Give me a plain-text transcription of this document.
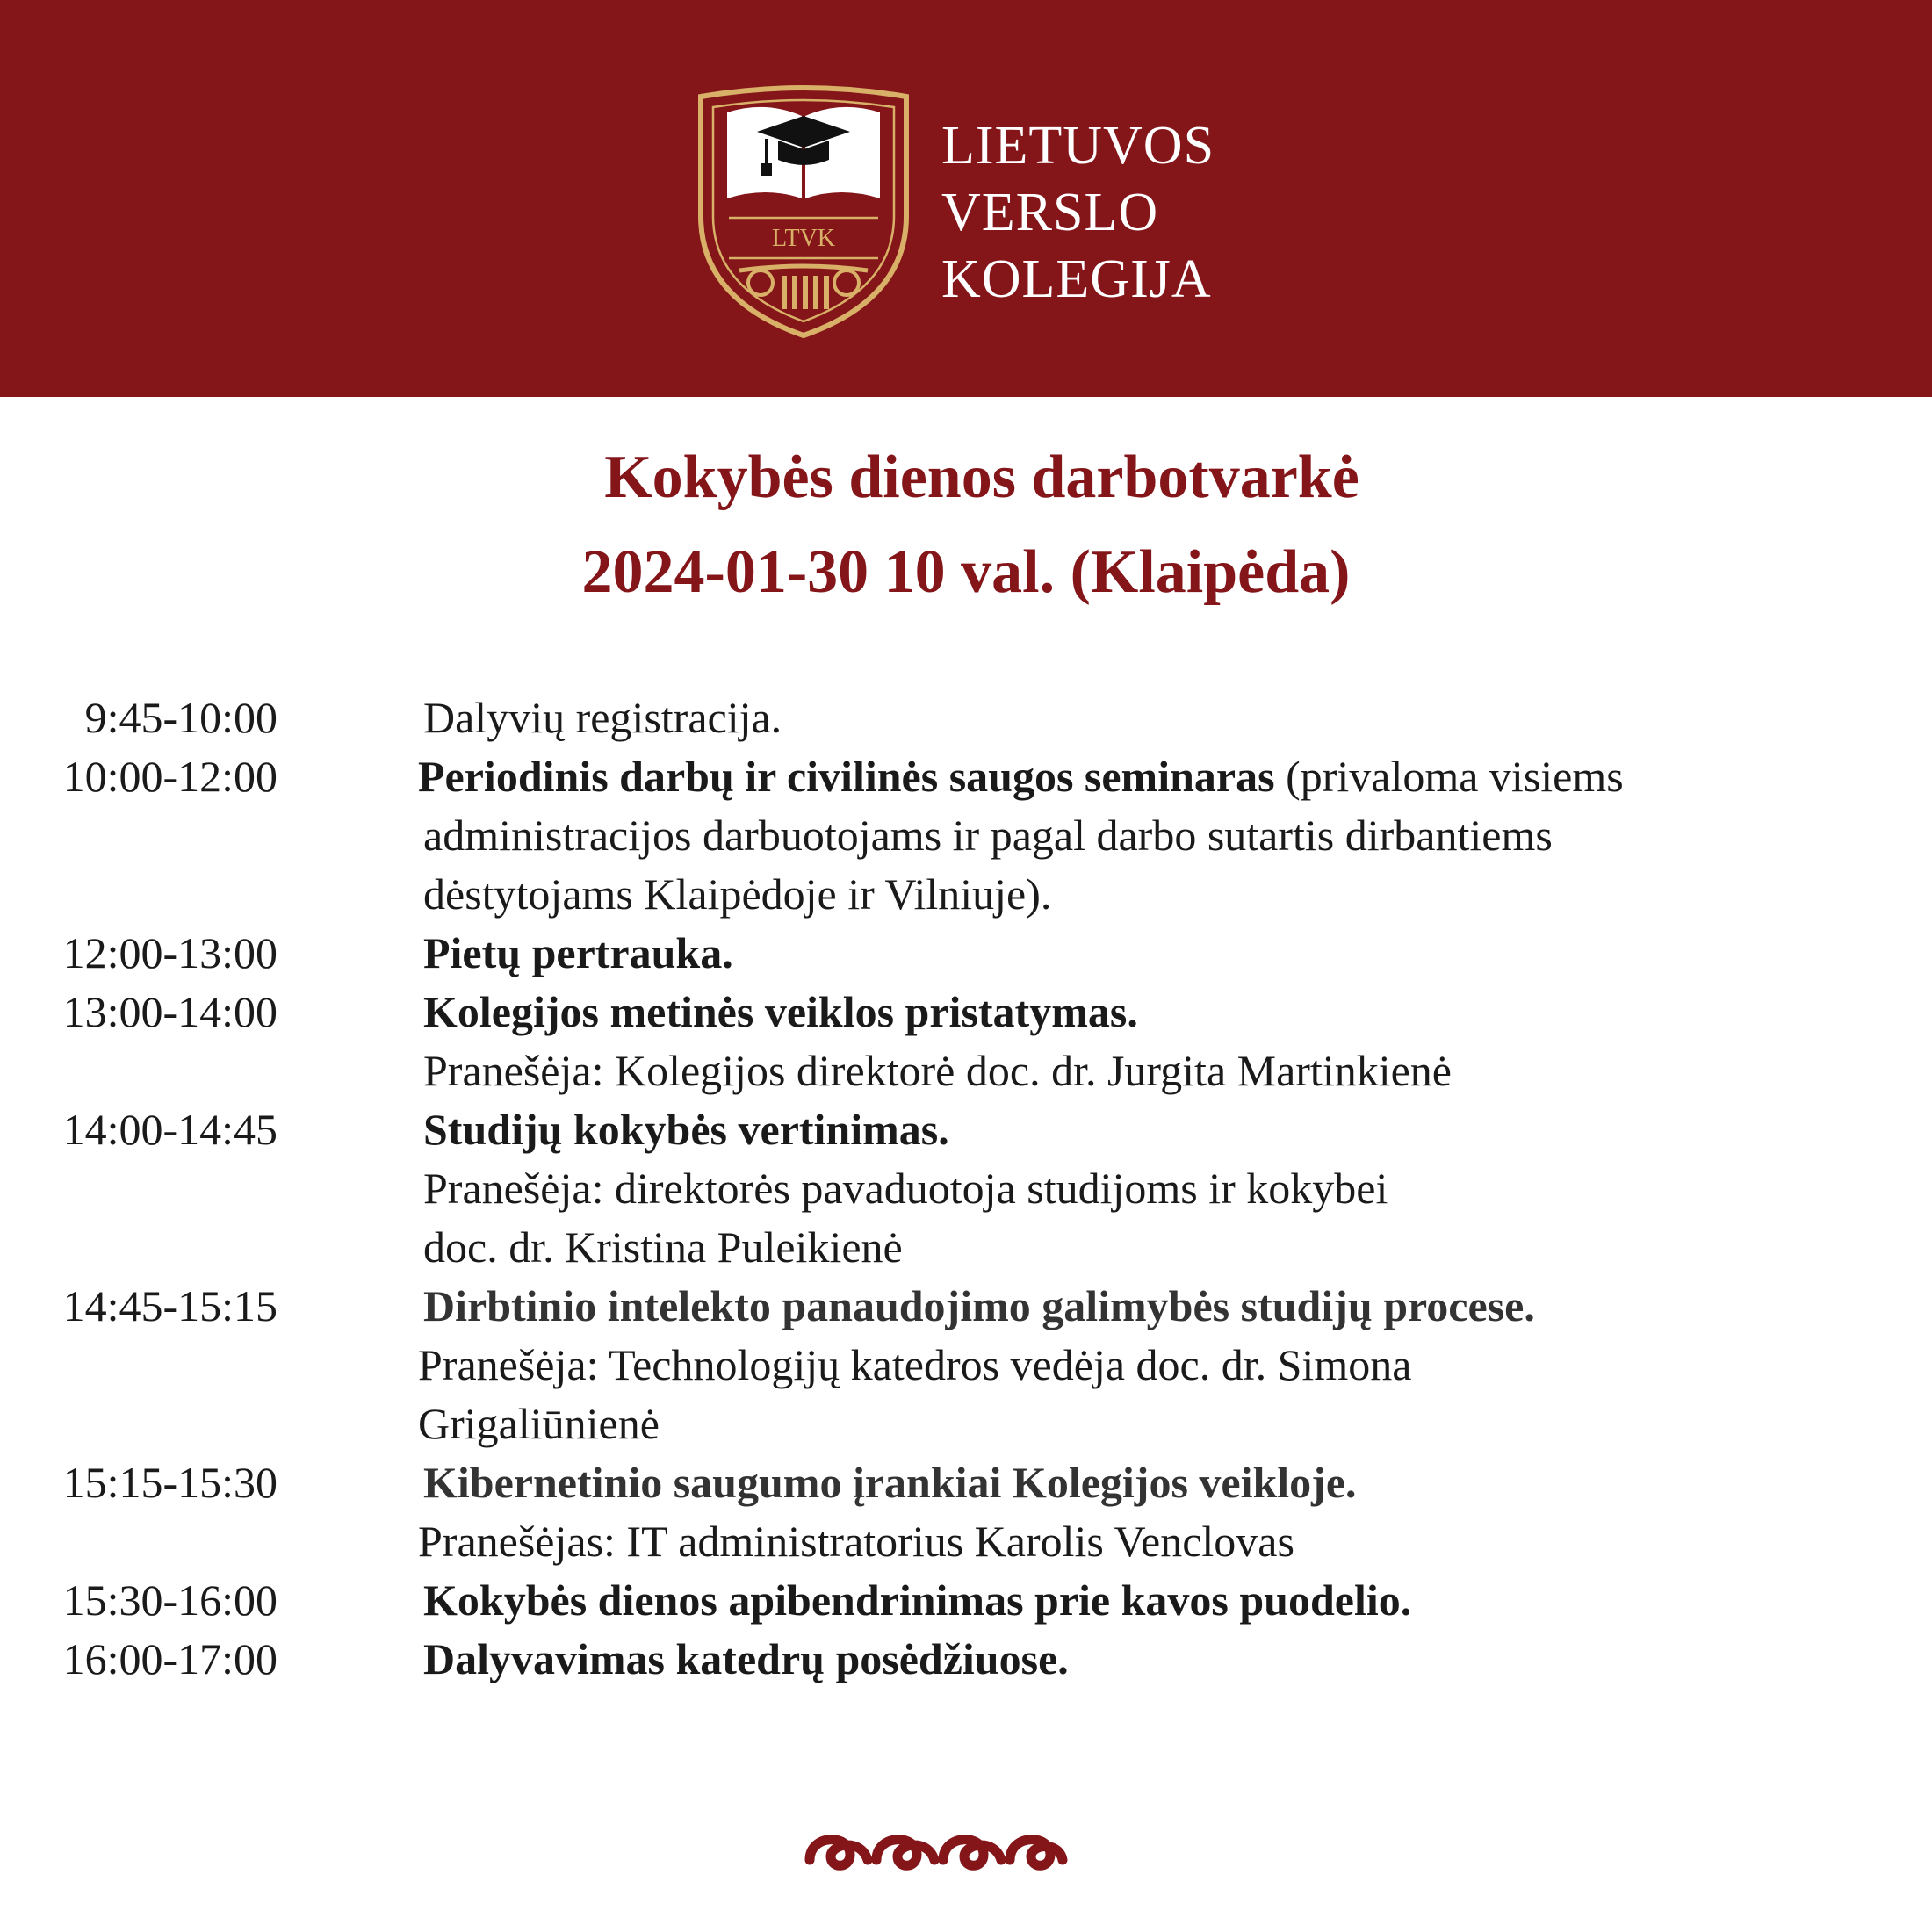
LTVK
LIETUVOS
VERSLO
KOLEGIJA
Kokybės dienos darbotvarkė
2024-01-30 10 val. (Klaipėda)
9:45-10:00	Dalyvių registracija.
10:00-12:00	Periodinis darbų ir civilinės saugos seminaras (privaloma visiems
administracijos darbuotojams ir pagal darbo sutartis dirbantiems
dėstytojams Klaipėdoje ir Vilniuje).
12:00-13:00	Pietų pertrauka.
13:00-14:00	Kolegijos metinės veiklos pristatymas.
Pranešėja: Kolegijos direktorė doc. dr. Jurgita Martinkienė
14:00-14:45	Studijų kokybės vertinimas.
Pranešėja: direktorės pavaduotoja studijoms ir kokybei
doc. dr. Kristina Puleikienė
14:45-15:15	Dirbtinio intelekto panaudojimo galimybės studijų procese.
Pranešėja: Technologijų katedros vedėja doc. dr. Simona
Grigaliūnienė
15:15-15:30	Kibernetinio saugumo įrankiai Kolegijos veikloje.
Pranešėjas: IT administratorius Karolis Venclovas
15:30-16:00	Kokybės dienos apibendrinimas prie kavos puodelio.
16:00-17:00	Dalyvavimas katedrų posėdžiuose.
